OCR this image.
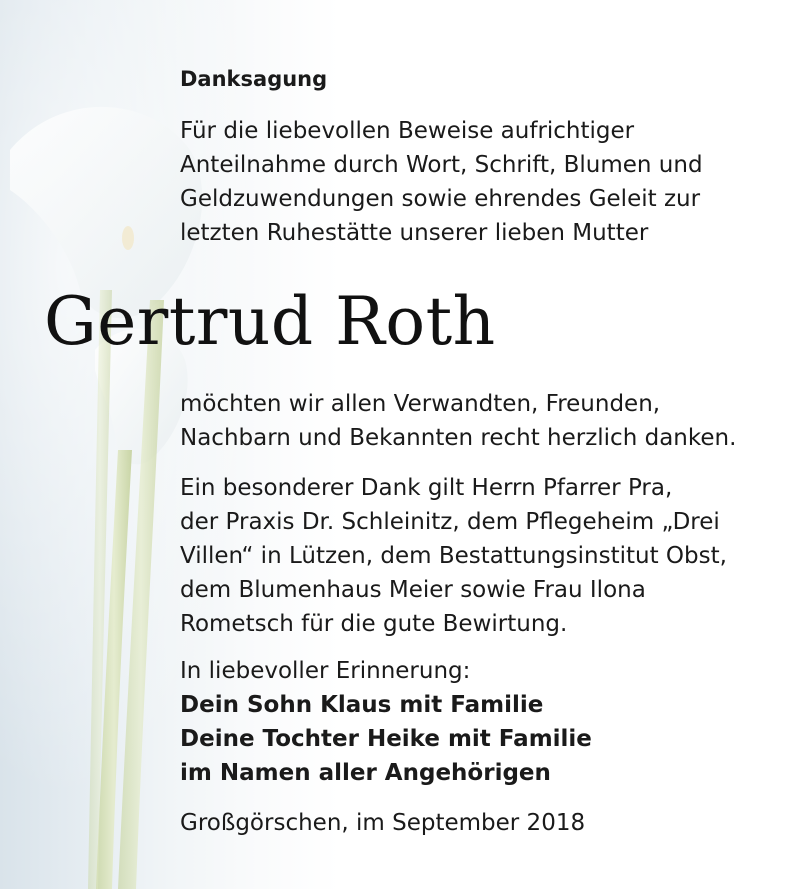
Danksagung
Für die liebevollen Beweise aufrichtiger
Anteilnahme durch Wort, Schrift, Blumen und
Geldzuwendungen sowie ehrendes Geleit zur
letzten Ruhestätte unserer lieben Mutter
Gertrud Roth
möchten wir allen Verwandten, Freunden,
Nachbarn und Bekannten recht herzlich danken.
Ein besonderer Dank gilt Herrn Pfarrer Pra,
der Praxis Dr. Schleinitz, dem Pflegeheim „Drei
Villen“ in Lützen, dem Bestattungsinstitut Obst,
dem Blumenhaus Meier sowie Frau Ilona
Rometsch für die gute Bewirtung.
In liebevoller Erinnerung:
Dein Sohn Klaus mit Familie
Deine Tochter Heike mit Familie
im Namen aller Angehörigen
Großgörschen, im September 2018
